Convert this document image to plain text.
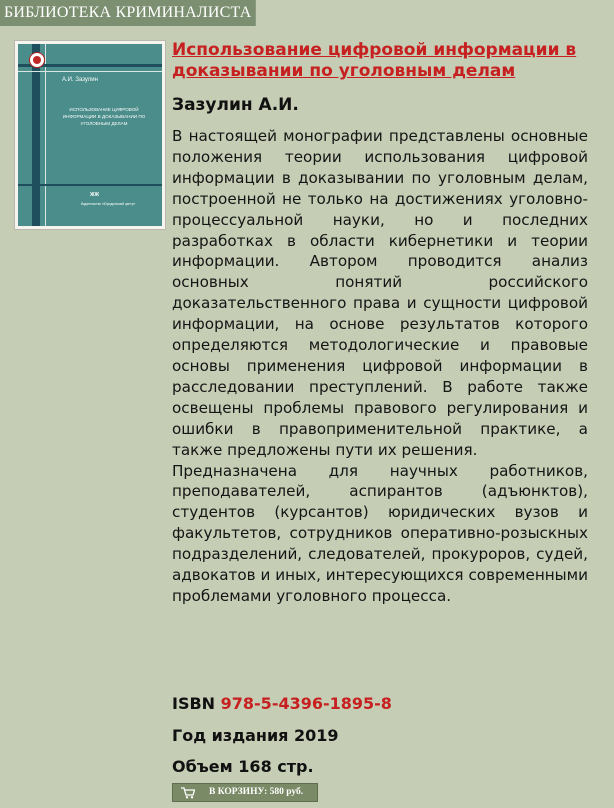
БИБЛИОТЕКА КРИМИНАЛИСТА
А.И. Зазулин
ИСПОЛЬЗОВАНИЕ ЦИФРОВОЙ ИНФОРМАЦИИ В ДОКАЗЫВАНИИ ПО УГОЛОВНЫМ ДЕЛАМ
ЖЖ
Издательство «Юридический центр»
Использование цифровой информации в доказывании по уголовным делам
Зазулин А.И.

В настоящей монографии представлены основные положения теории использования цифровой информации в доказывании по уголовным делам, построенной не только на достижениях уголовно-процессуальной науки, но и последних разработках в области кибернетики и теории информации. Автором проводится анализ основных понятий российского доказательственного права и сущности цифровой информации, на основе результатов которого определяются методологические и правовые основы применения цифровой информации в расследовании преступлений. В работе также освещены проблемы правового регулирования и ошибки в правоприменительной практике, а также предложены пути их решения.

Предназначена для научных работников, преподавателей, аспирантов (адъюнктов), студентов (курсантов) юридических вузов и факультетов, сотрудников оперативно-розыскных подразделений, следователей, прокуроров, судей, адвокатов и иных, интересующихся современными проблемами уголовного процесса.

ISBN 978-5-4396-1895-8
Год издания 2019
Объем 168 стр.
В КОРЗИНУ: 580 руб.
